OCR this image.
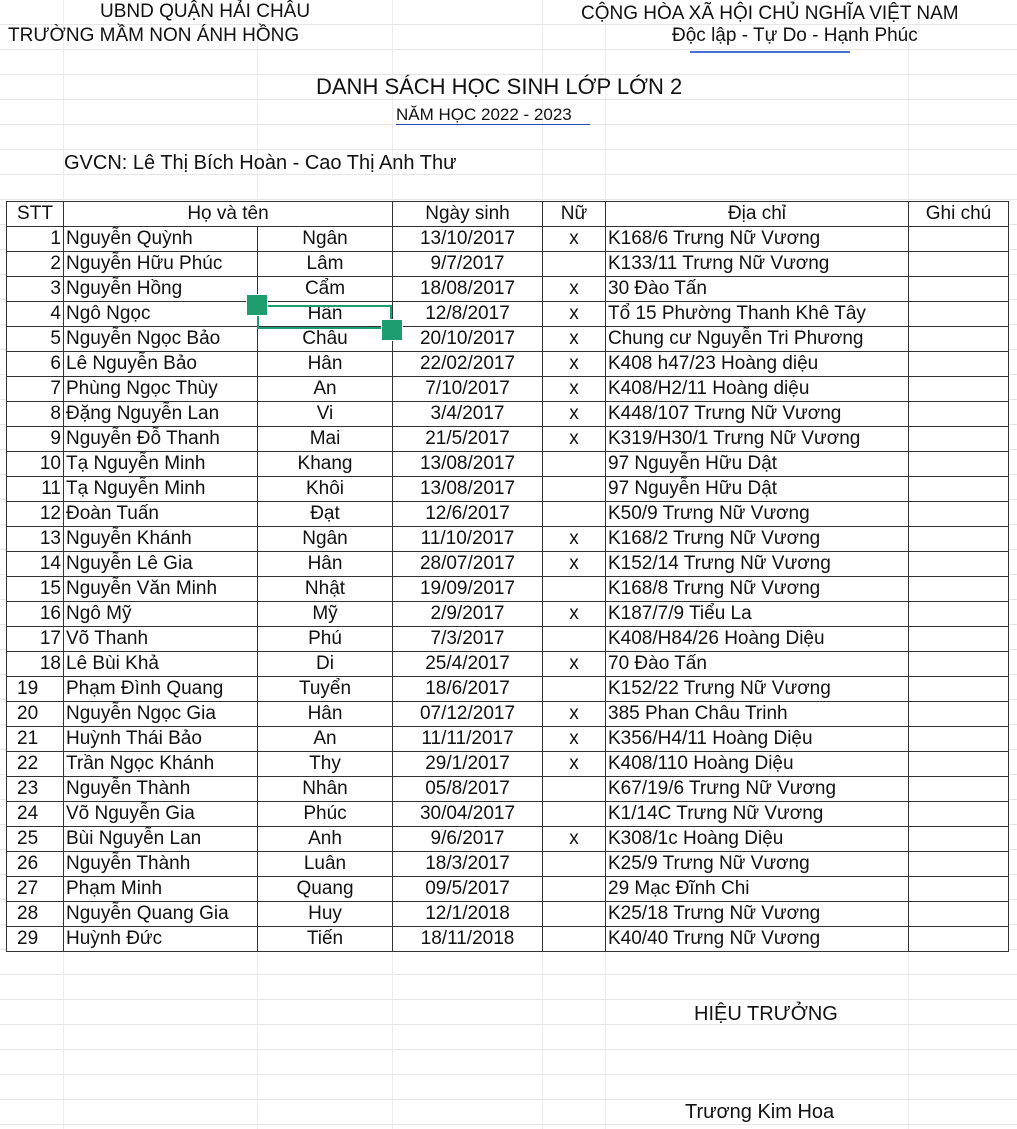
UBND QUẬN HẢI CHÂU
TRƯỜNG MẦM NON ÁNH HỒNG
CỘNG HÒA XÃ HỘI CHỦ NGHĨA VIỆT NAM
Độc lập - Tự Do - Hạnh Phúc
DANH SÁCH HỌC SINH LỚP LỚN 2
NĂM HỌC 2022 - 2023
GVCN: Lê Thị Bích Hoàn - Cao Thị Anh Thư
STT	Họ và tên		Ngày sinh	Nữ	Địa chỉ	Ghi chú
1	Nguyễn Quỳnh	Ngân	13/10/2017	x	K168/6 Trưng Nữ Vương	
2	Nguyễn Hữu Phúc	Lâm	9/7/2017		K133/11 Trưng Nữ Vương	
3	Nguyễn Hồng	Cẩm	18/08/2017	x	30 Đào Tấn	
4	Ngô Ngọc	Hân	12/8/2017	x	Tổ 15 Phường Thanh Khê Tây	
5	Nguyễn Ngọc Bảo	Châu	20/10/2017	x	Chung cư Nguyễn Tri Phương	
6	Lê Nguyễn Bảo	Hân	22/02/2017	x	K408 h47/23 Hoàng diệu	
7	Phùng Ngọc Thùy	An	7/10/2017	x	K408/H2/11 Hoàng diệu	
8	Đặng Nguyễn Lan	Vi	3/4/2017	x	K448/107 Trưng Nữ Vương	
9	Nguyễn Đỗ Thanh	Mai	21/5/2017	x	K319/H30/1 Trưng Nữ Vương	
10	Tạ Nguyễn Minh	Khang	13/08/2017		97 Nguyễn Hữu Dật	
11	Tạ Nguyễn Minh	Khôi	13/08/2017		97 Nguyễn Hữu Dật	
12	Đoàn Tuấn	Đạt	12/6/2017		K50/9 Trưng Nữ Vương	
13	Nguyễn Khánh	Ngân	11/10/2017	x	K168/2 Trưng Nữ Vương	
14	Nguyễn Lê Gia	Hân	28/07/2017	x	K152/14 Trưng Nữ Vương	
15	Nguyễn Văn Minh	Nhật	19/09/2017		K168/8 Trưng Nữ Vương	
16	Ngô Mỹ	Mỹ	2/9/2017	x	K187/7/9 Tiểu La	
17	Võ Thanh	Phú	7/3/2017		K408/H84/26 Hoàng Diệu	
18	Lê Bùi Khả	Di	25/4/2017	x	70 Đào Tấn	
19	Phạm Đình Quang	Tuyển	18/6/2017		K152/22 Trưng Nữ Vương	
20	Nguyễn Ngọc Gia	Hân	07/12/2017	x	385 Phan Châu Trinh	
21	Huỳnh Thái Bảo	An	11/11/2017	x	K356/H4/11 Hoàng Diệu	
22	Trần Ngọc Khánh	Thy	29/1/2017	x	K408/110 Hoàng Diệu	
23	Nguyễn Thành	Nhân	05/8/2017		K67/19/6 Trưng Nữ Vương	
24	Võ Nguyễn Gia	Phúc	30/04/2017		K1/14C Trưng Nữ Vương	
25	Bùi Nguyễn Lan	Anh	9/6/2017	x	K308/1c Hoàng Diệu	
26	Nguyễn Thành	Luân	18/3/2017		K25/9 Trưng Nữ Vương	
27	Phạm Minh	Quang	09/5/2017		29 Mạc Đĩnh Chi	
28	Nguyễn Quang Gia	Huy	12/1/2018		K25/18 Trưng Nữ Vương	
29	Huỳnh Đức	Tiến	18/11/2018		K40/40 Trưng Nữ Vương	
HIỆU TRƯỞNG
Trương Kim Hoa
